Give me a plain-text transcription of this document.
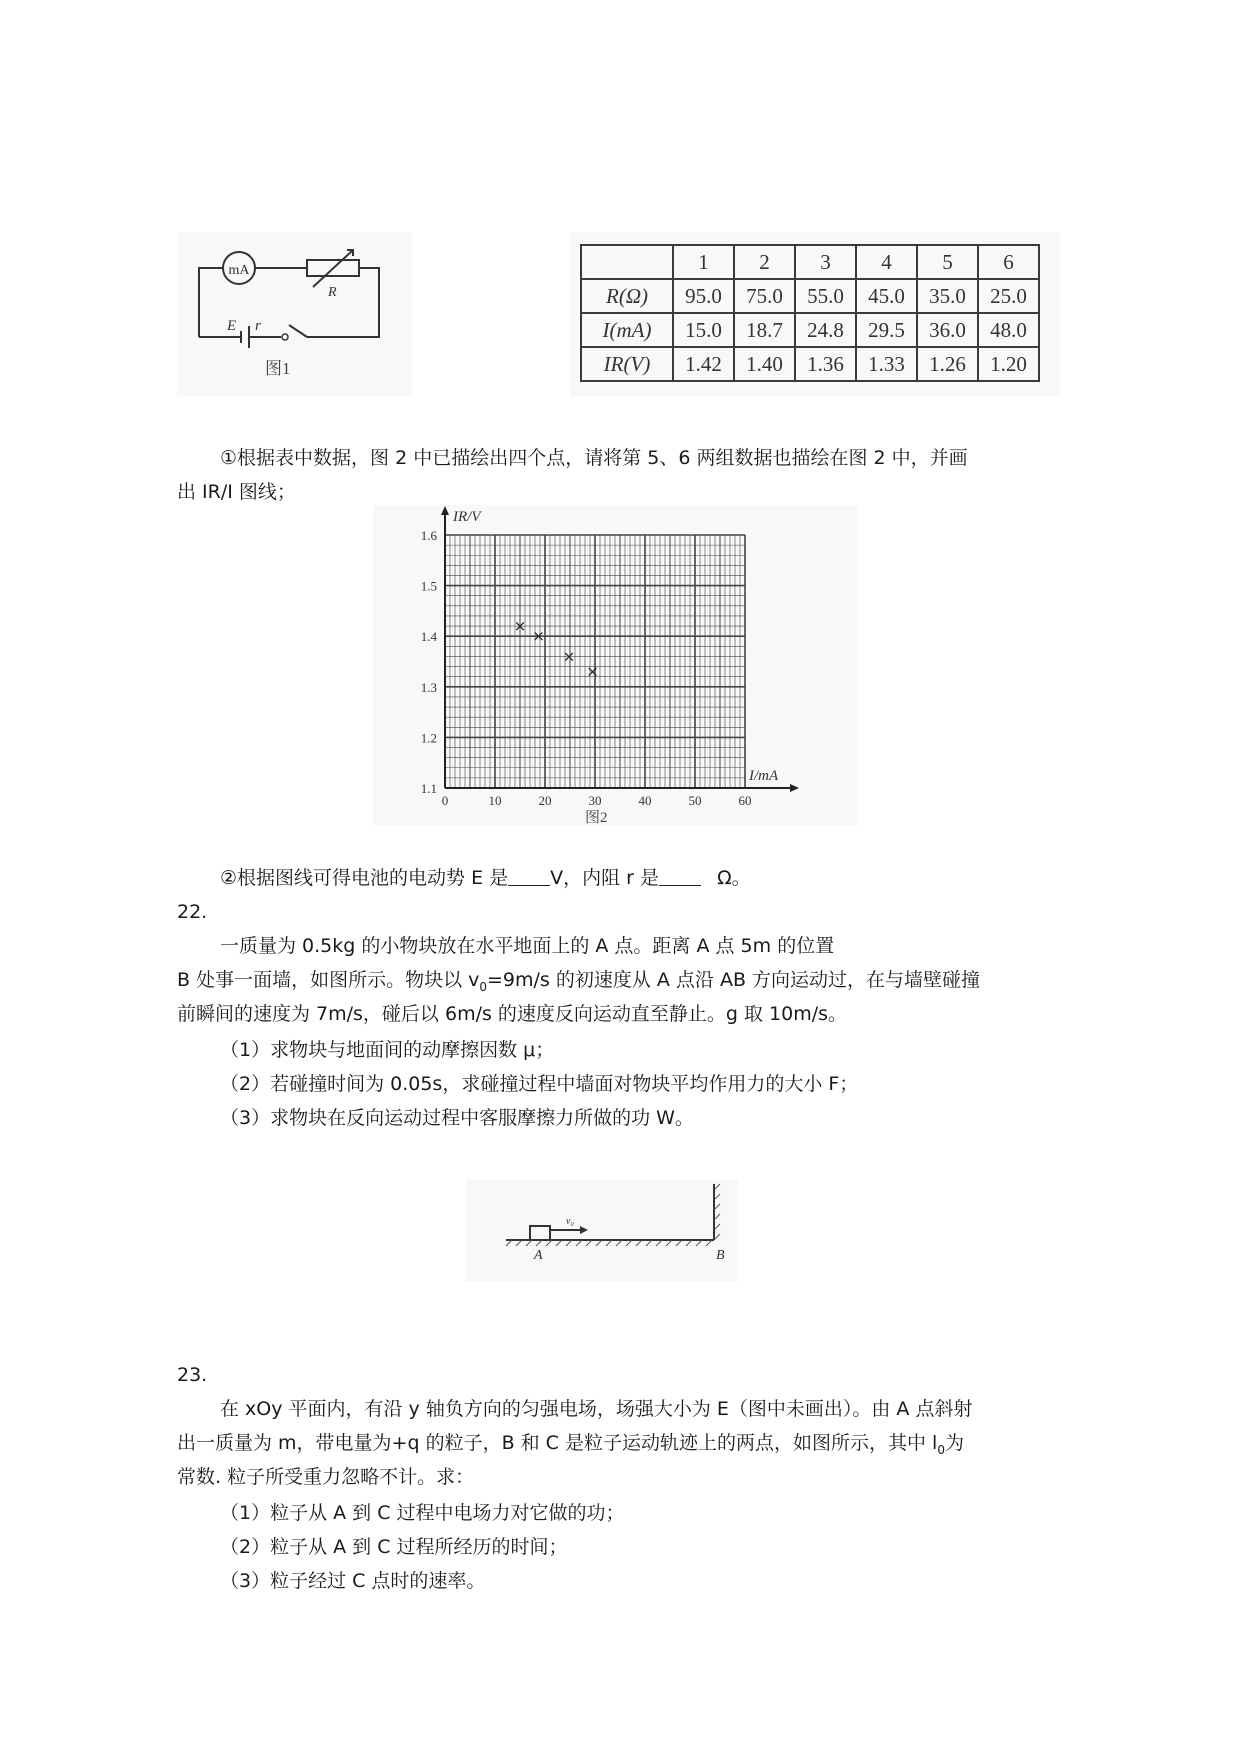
mA
R
E r
图1
	1	2	3	4	5	6
R(Ω)	95.0	75.0	55.0	45.0	35.0	25.0
I(mA)	15.0	18.7	24.8	29.5	36.0	48.0
IR(V)	1.42	1.40	1.36	1.33	1.26	1.20
①根据表中数据，图 2 中已描绘出四个点，请将第 5、6 两组数据也描绘在图 2 中，并画
出 IR/I 图线；
0	10	20	30	40	50	60
1.1
1.2
1.3
1.4
1.5
1.6
×
×
×
×
IR/V
I/mA
图2
②根据图线可得电池的电动势 E 是 V，内阻 r 是	Ω。
22.
一质量为 0.5kg 的小物块放在水平地面上的 A 点。距离 A 点 5m 的位置
B 处事一面墙，如图所示。物块以 $v_0=9m/s$ 的初速度从 A 点沿 AB 方向运动过，在与墙壁碰撞
前瞬间的速度为 7m/s，碰后以 6m/s 的速度反向运动直至静止。g 取 10m/s。
（1）求物块与地面间的动摩擦因数 μ；
（2）若碰撞时间为 0.05s，求碰撞过程中墙面对物块平均作用力的大小 F；
（3）求物块在反向运动过程中客服摩擦力所做的功 W。
A	B
v₀
23.
在 xOy 平面内，有沿 y 轴负方向的匀强电场，场强大小为 E（图中未画出）。由 A 点斜射
出一质量为 m，带电量为+q 的粒子，B 和 C 是粒子运动轨迹上的两点，如图所示，其中 $l_0$为
常数. 粒子所受重力忽略不计。求：
（1）粒子从 A 到 C 过程中电场力对它做的功；
（2）粒子从 A 到 C 过程所经历的时间；
（3）粒子经过 C 点时的速率。
